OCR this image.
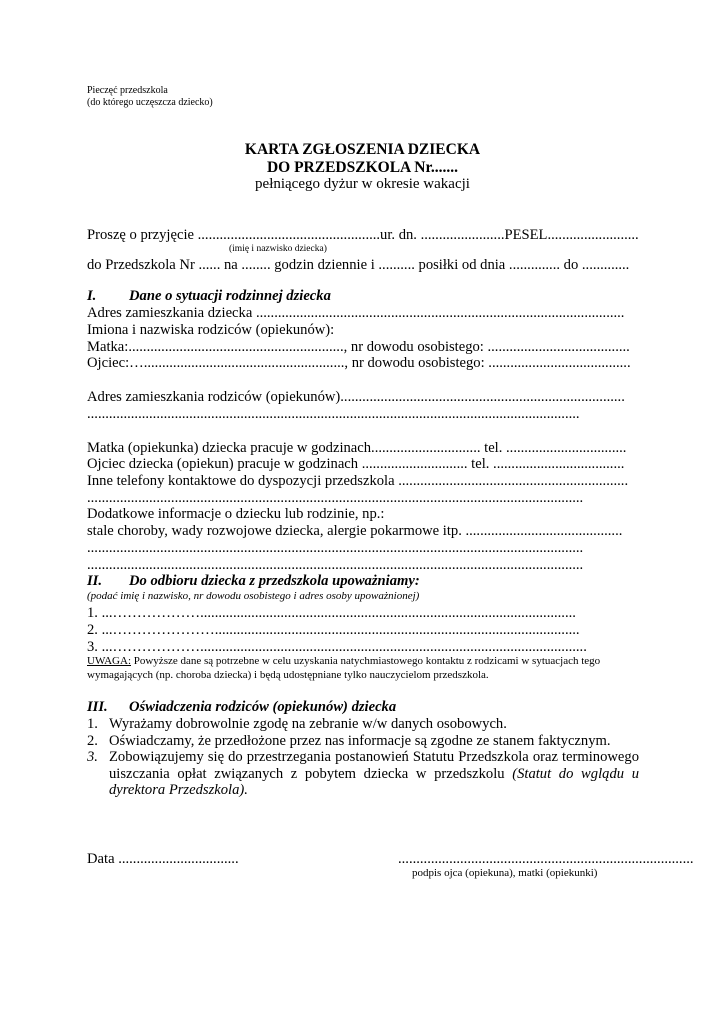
Pieczęć przedszkola
(do którego uczęszcza dziecko)
KARTA ZGŁOSZENIA DZIECKA
DO PRZEDSZKOLA Nr.......
pełniącego dyżur w okresie wakacji
Proszę o przyjęcie ..................................................ur. dn. .......................PESEL.........................
(imię i nazwisko dziecka)
do Przedszkola Nr ...... na ........ godzin dziennie i .......... posiłki od dnia .............. do .............
I. Dane o sytuacji rodzinnej dziecka
Adres zamieszkania dziecka .....................................................................................................
Imiona i nazwiska rodziców (opiekunów):
Matka:..........................................................., nr dowodu osobistego: .......................................
Ojciec:…......................................................., nr dowodu osobistego: .......................................
Adres zamieszkania rodziców (opiekunów)..............................................................................
.......................................................................................................................................
Matka (opiekunka) dziecka pracuje w godzinach.............................. tel. .................................
Ojciec dziecka (opiekun) pracuje w godzinach ............................. tel. ....................................
Inne telefony kontaktowe do dyspozycji przedszkola ...............................................................
........................................................................................................................................
Dodatkowe informacje o dziecku lub rodzinie, np.:
stale choroby, wady rozwojowe dziecka, alergie pokarmowe itp. ...........................................
........................................................................................................................................
........................................................................................................................................
II. Do odbioru dziecka z przedszkola upoważniamy:
(podać imię i nazwisko, nr dowodu osobistego i adres osoby upoważnionej)
1. ...……………….......................................................................................................
2. ...…………………....................................................................................................
3. ...………………..........................................................................................................
UWAGA: Powyższe dane są potrzebne w celu uzyskania natychmiastowego kontaktu z rodzicami w sytuacjach tego wymagających (np. choroba dziecka) i będą udostępniane tylko nauczycielom przedszkola.
III. Oświadczenia rodziców (opiekunów) dziecka
1. Wyrażamy dobrowolnie zgodę na zebranie w/w danych osobowych.
2. Oświadczamy, że przedłożone przez nas informacje są zgodne ze stanem faktycznym.
3. Zobowiązujemy się do przestrzegania postanowień Statutu Przedszkola oraz terminowego uiszczania opłat związanych z pobytem dziecka w przedszkolu (Statut do wglądu u dyrektora Przedszkola).
Data .................................	.................................................................................
podpis ojca (opiekuna), matki (opiekunki)
